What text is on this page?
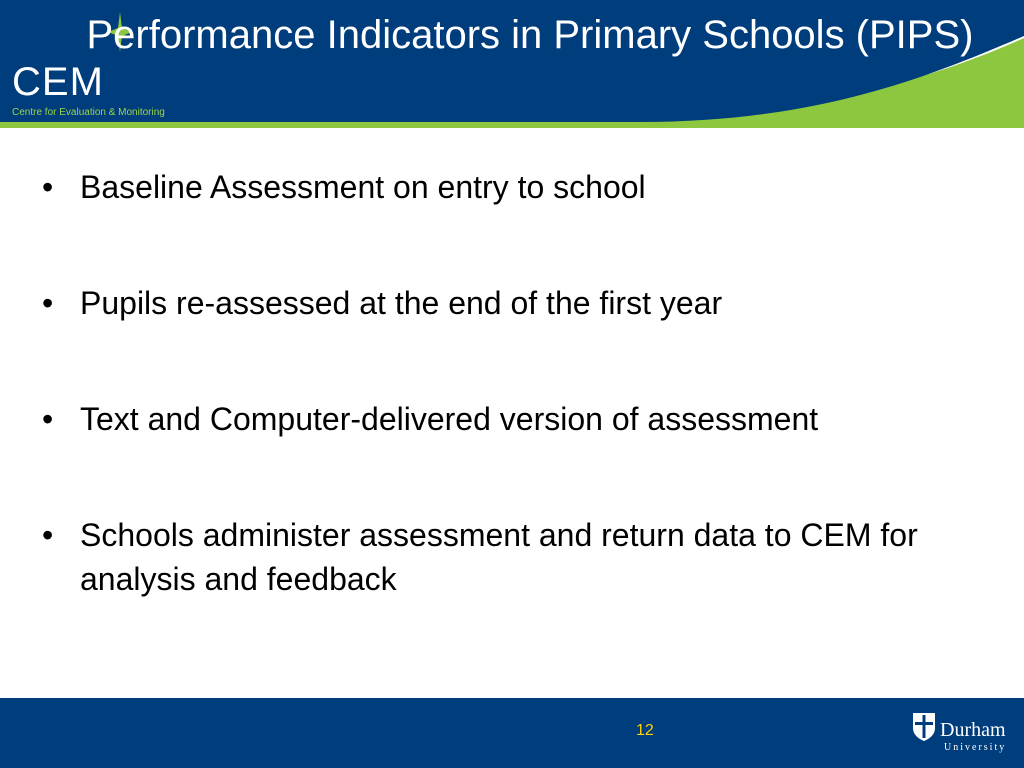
CEM
Centre for Evaluation & Monitoring
Performance Indicators in Primary Schools (PIPS)
• Baseline Assessment on entry to school
• Pupils re-assessed at the end of the first year
• Text and Computer-delivered version of assessment
• Schools administer assessment and return data to CEM for analysis and feedback
12	Durham
University
